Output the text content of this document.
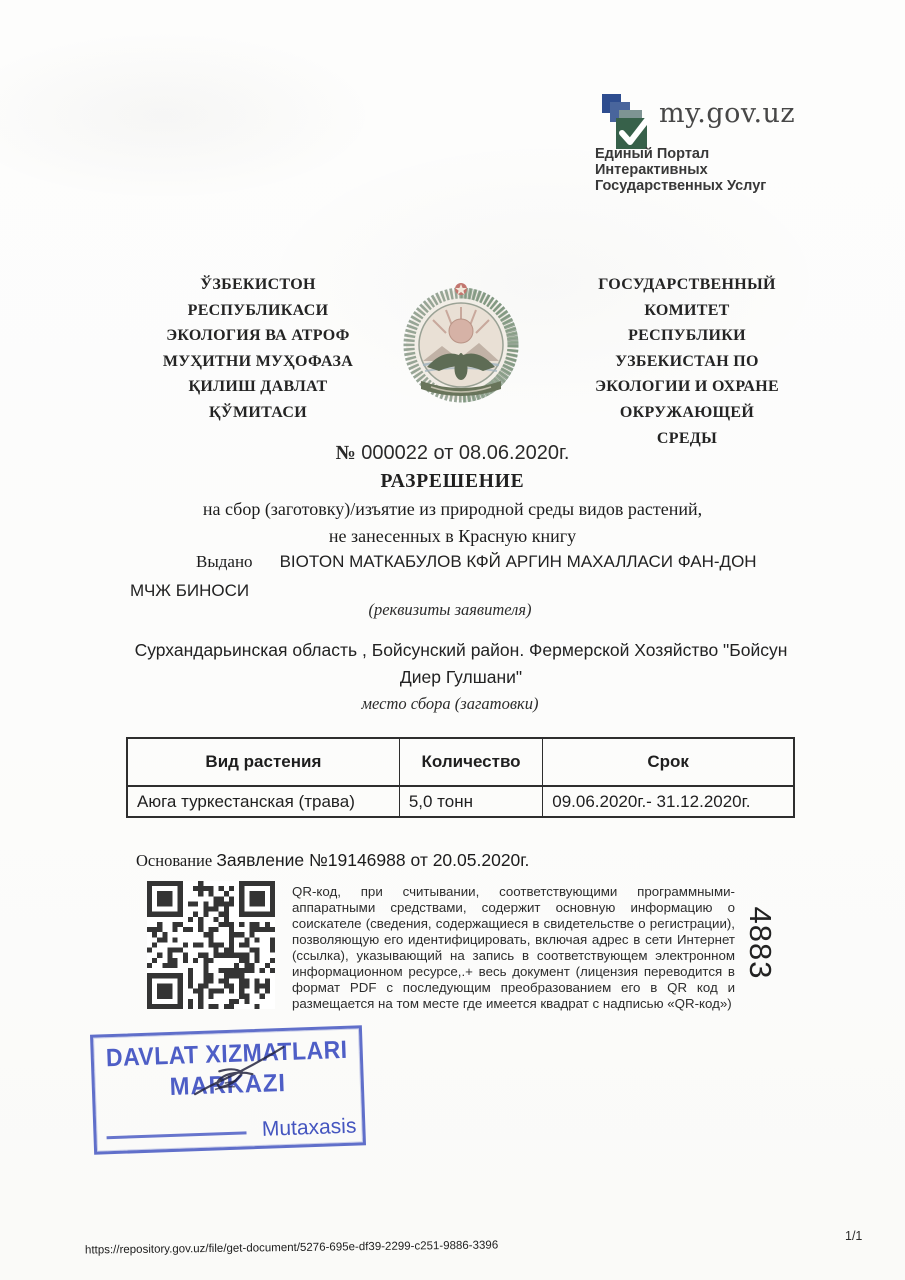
my.gov.uz
Единый Портал
Интерактивных
Государственных Услуг
ЎЗБЕКИСТОН
РЕСПУБЛИКАСИ
ЭКОЛОГИЯ ВА АТРОФ
МУҲИТНИ МУҲОФАЗА
ҚИЛИШ ДАВЛАТ
ҚЎМИТАСИ
ГОСУДАРСТВЕННЫЙ
КОМИТЕТ
РЕСПУБЛИКИ
УЗБЕКИСТАН ПО
ЭКОЛОГИИ И ОХРАНЕ
ОКРУЖАЮЩЕЙ
СРЕДЫ
№ 000022 от 08.06.2020г.
РАЗРЕШЕНИЕ
на сбор (заготовку)/изъятие из природной среды видов растений,
не занесенных в Красную книгу
Выдано BIOTON МАТКАБУЛОВ КФЙ АРГИН МАХАЛЛАСИ ФАН-ДОН МЧЖ БИНОСИ
(реквизиты заявителя)
Сурхандарьинская область , Бойсунский район. Фермерской Хозяйство "Бойсун Диер Гулшани"
место сбора (загатовки)
Вид растения	Количество	Срок
Аюга туркестанская (трава)	5,0 тонн	09.06.2020г.- 31.12.2020г.
Основание Заявление №19146988 от 20.05.2020г.
QR-код, при считывании, соответствующими программными-аппаратными средствами, содержит основную информацию о соискателе (сведения, содержащиеся в свидетельстве о регистрации), позволяющую его идентифицировать, включая адрес в сети Интернет (ссылка), указывающий на запись в соответствующем электронном информационном ресурсе,.+ весь документ (лицензия переводится в формат PDF с последующим преобразованием его в QR код и размещается на том месте где имеется квадрат с надписью «QR-код»)
4883
DAVLAT XIZMATLARI
MARKAZI
Mutaxasis
https://repository.gov.uz/file/get-document/5276-695e-df39-2299-c251-9886-3396
1/1
